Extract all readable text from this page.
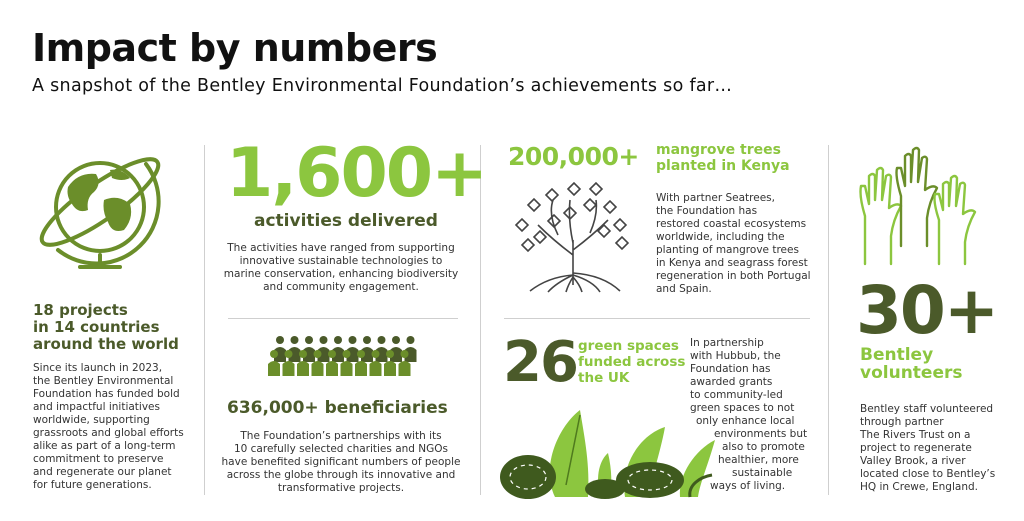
Impact by numbers
A snapshot of the Bentley Environmental Foundation’s achievements so far…
18 projects
in 14 countries
around the world
Since its launch in 2023,
the Bentley Environmental
Foundation has funded bold
and impactful initiatives
worldwide, supporting
grassroots and global efforts
alike as part of a long-term
commitment to preserve
and regenerate our planet
for future generations.
1,600+
activities delivered
The activities have ranged from supporting
innovative sustainable technologies to
marine conservation, enhancing biodiversity
and community engagement.
636,000+ beneficiaries
The Foundation’s partnerships with its
10 carefully selected charities and NGOs
have benefited significant numbers of people
across the globe through its innovative and
transformative projects.
200,000+ mangrove trees
planted in Kenya
With partner Seatrees,
the Foundation has
restored coastal ecosystems
worldwide, including the
planting of mangrove trees
in Kenya and seagrass forest
regeneration in both Portugal
and Spain.
26 green spaces
funded across
the UK
In partnership
with Hubbub, the
Foundation has
awarded grants
to community-led
green spaces to not
only enhance local
environments but
also to promote
healthier, more
sustainable
ways of living.
30+
Bentley
volunteers
Bentley staff volunteered
through partner
The Rivers Trust on a
project to regenerate
Valley Brook, a river
located close to Bentley’s
HQ in Crewe, England.
